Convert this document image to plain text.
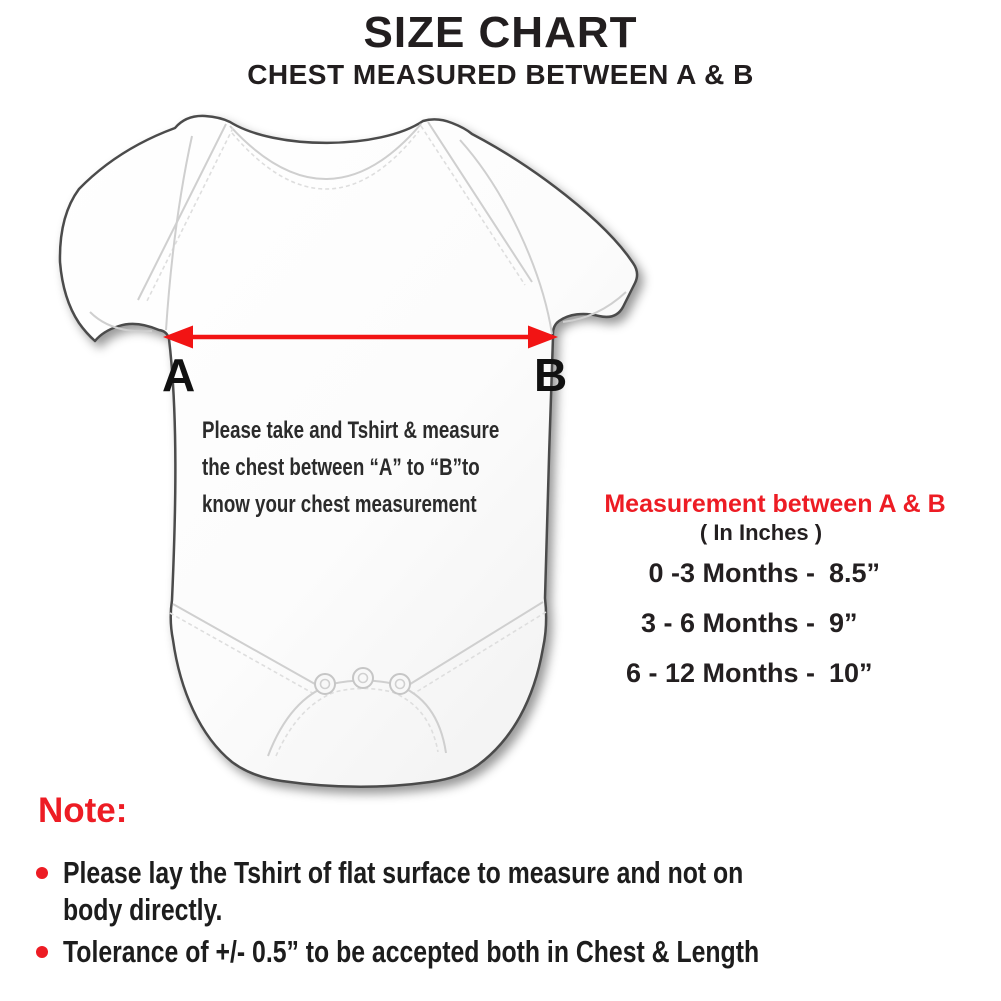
SIZE CHART
CHEST MEASURED BETWEEN A & B
A	B
Please take and Tshirt & measure
the chest between “A” to “B”to
know your chest measurement	Measurement between A & B
( In Inches )
0 -3 Months - 8.5”
3 - 6 Months - 9”
6 - 12 Months - 10”
Note:
Please lay the Tshirt of flat surface to measure and not on
body directly.
Tolerance of +/- 0.5” to be accepted both in Chest & Length
